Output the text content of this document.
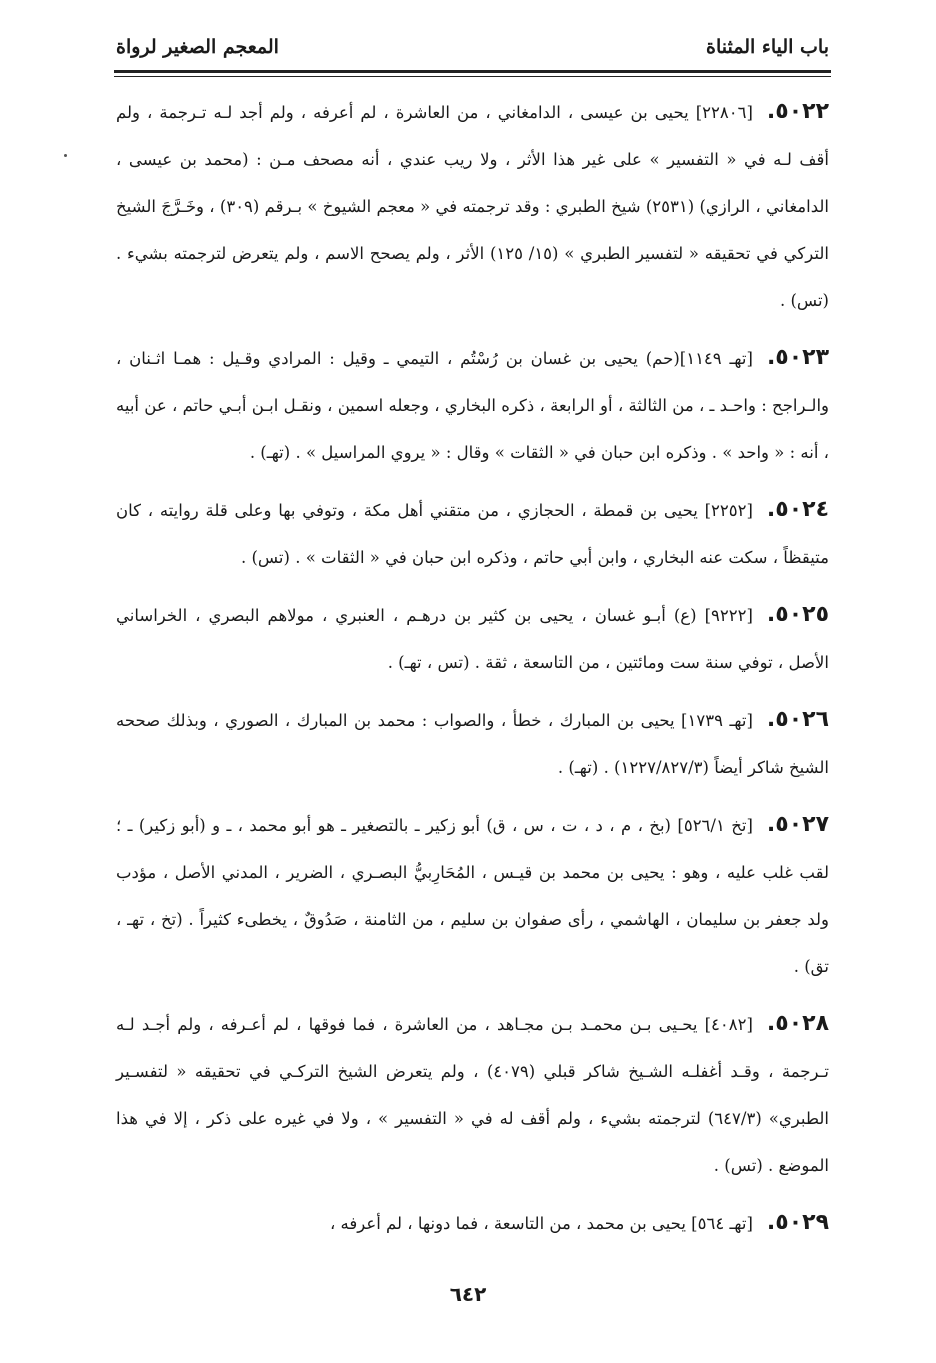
باب الياء المثناة
المعجم الصغير لرواة

٥٠٢٢.[٢٢٨٠٦] يحيى بن عيسى ، الدامغاني ، من العاشرة ، لم أعرفه ، ولم أجد لـه تـرجمة ، ولم أقف لـه في « التفسير » على غير هذا الأثر ، ولا ريب عندي ، أنه مصحف مـن : (محمد بن عيسى ، الدامغاني ، الرازي) (٢٥٣١) شيخ الطبري : وقد ترجمته في « معجم الشيوخ » بـرقم (٣٠٩) ، وخَـرَّجَ الشيخ التركي في تحقيقه « لتفسير الطبري » (١٥/ ١٢٥) الأثر ، ولم يصحح الاسم ، ولم يتعرض لترجمته بشيء . (تس) .

٥٠٢٣.[تهـ ١١٤٩](حم) يحيى بن غسان بن رُسْتُم ، التيمي ـ وقيل : المرادي وقـيل : همـا اثـنان ، والـراجح : واحـد ـ ، من الثالثة ، أو الرابعة ، ذكره البخاري ، وجعله اسمين ، ونقـل ابـن أبـي حاتم ، عن أبيه ، أنه : « واحد » . وذكره ابن حبان في « الثقات » وقال : « يروي المراسيل » . (تهـ) .

٥٠٢٤.[٢٢٥٢] يحيى بن قمطة ، الحجازي ، من متقني أهل مكة ، وتوفي بها وعلى قلة روايته ، كان متيقظاً ، سكت عنه البخاري ، وابن أبي حاتم ، وذكره ابن حبان في « الثقات » . (تس) .

٥٠٢٥.[٩٢٢٢] (ع) أبـو غسان ، يحيى بن كثير بن درهـم ، العنبري ، مولاهم البصري ، الخراساني الأصل ، توفي سنة ست ومائتين ، من التاسعة ، ثقة . (تس ، تهـ) .

٥٠٢٦.[تهـ ١٧٣٩] يحيى بن المبارك ، خطأ ، والصواب : محمد بن المبارك ، الصوري ، وبذلك صححه الشيخ شاكر أيضاً (١٢٢٧/٨٢٧/٣) . (تهـ) .

٥٠٢٧.[تخ ٥٢٦/١] (بخ ، م ، د ، ت ، س ، ق) أبو زكير ـ بالتصغير ـ هو أبو محمد ، ـ و (أبو زكير) ـ ؛ لقب غلب عليه ، وهو : يحيى بن محمد بن قيـس ، المُحَارِبيُّ البصـري ، الضرير ، المدني الأصل ، مؤدب ولد جعفر بن سليمان ، الهاشمي ، رأى صفوان بن سليم ، من الثامنة ، صَدُوقٌ ، يخطىء كثيراً . (تخ ، تهـ ، تق) .

٥٠٢٨.[٤٠٨٢] يحـيى بـن محمـد بـن مجـاهد ، من العاشرة ، فما فوقها ، لم أعـرفه ، ولم أجـد لـه تـرجمة ، وقـد أغفلـه الشـيخ شاكر قبلي (٤٠٧٩) ، ولم يتعرض الشيخ التركـي في تحقيقه « لتفسـير الطبري» (٦٤٧/٣) لترجمته بشيء ، ولم أقف له في « التفسير » ، ولا في غيره على ذكر ، إلا في هذا الموضع . (تس) .

٥٠٢٩.[تهـ ٥٦٤] يحيى بن محمد ، من التاسعة ، فما دونها ، لم أعرفه ،

٦٤٢
